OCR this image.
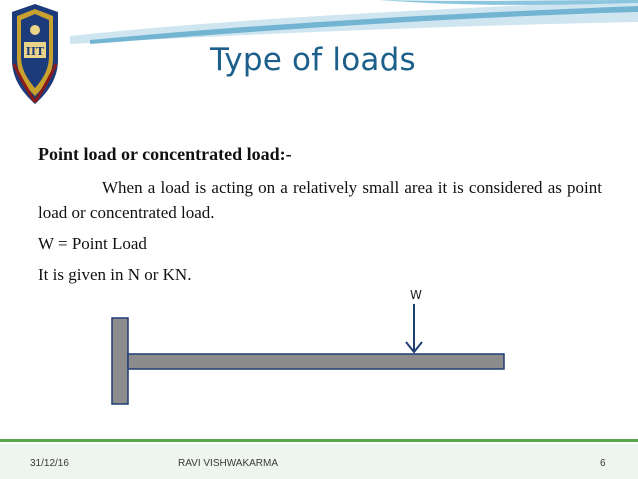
IIT	Type of loads
Point load or concentrated load:-
When a load is acting on a relatively small area it is considered as point load or concentrated load.
W = Point Load
It is given in N or KN.
W
31/12/16	RAVI VISHWAKARMA	6
